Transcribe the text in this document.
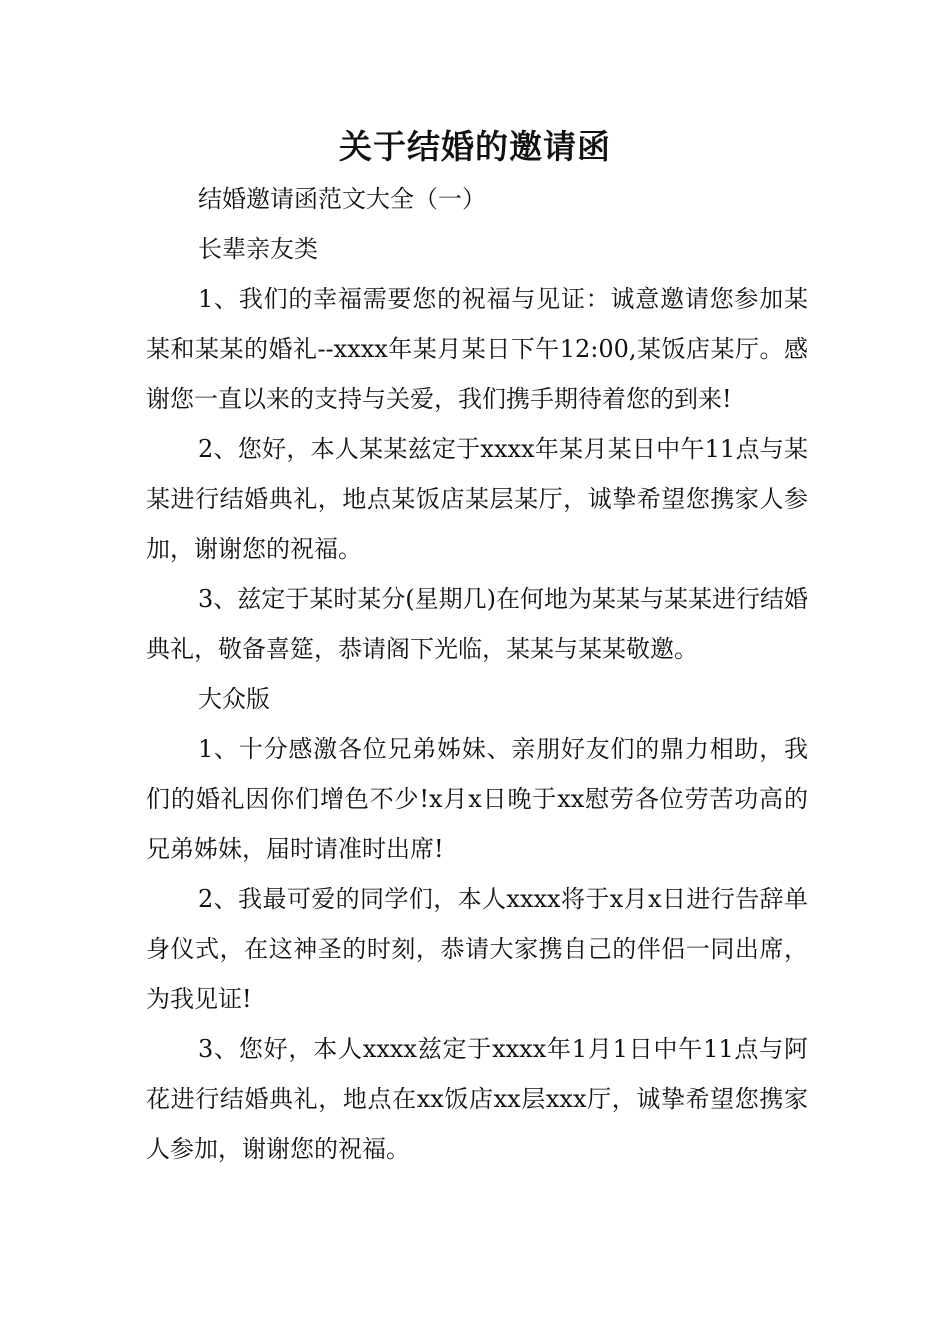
关于结婚的邀请函

结婚邀请函范文大全（一）

长辈亲友类

1、我们的幸福需要您的祝福与见证：诚意邀请您参加某某和某某的婚礼--xxxx年某月某日下午12:00,某饭店某厅。感谢您一直以来的支持与关爱，我们携手期待着您的到来!

2、您好，本人某某兹定于xxxx年某月某日中午11点与某某进行结婚典礼，地点某饭店某层某厅，诚挚希望您携家人参加，谢谢您的祝福。

3、兹定于某时某分(星期几)在何地为某某与某某进行结婚典礼，敬备喜筵，恭请阁下光临，某某与某某敬邀。

大众版

1、十分感激各位兄弟姊妹、亲朋好友们的鼎力相助，我们的婚礼因你们增色不少!x月x日晚于xx慰劳各位劳苦功高的兄弟姊妹，届时请准时出席!

2、我最可爱的同学们，本人xxxx将于x月x日进行告辞单身仪式，在这神圣的时刻，恭请大家携自己的伴侣一同出席，为我见证!

3、您好，本人xxxx兹定于xxxx年1月1日中午11点与阿花进行结婚典礼，地点在xx饭店xx层xxx厅，诚挚希望您携家人参加，谢谢您的祝福。
